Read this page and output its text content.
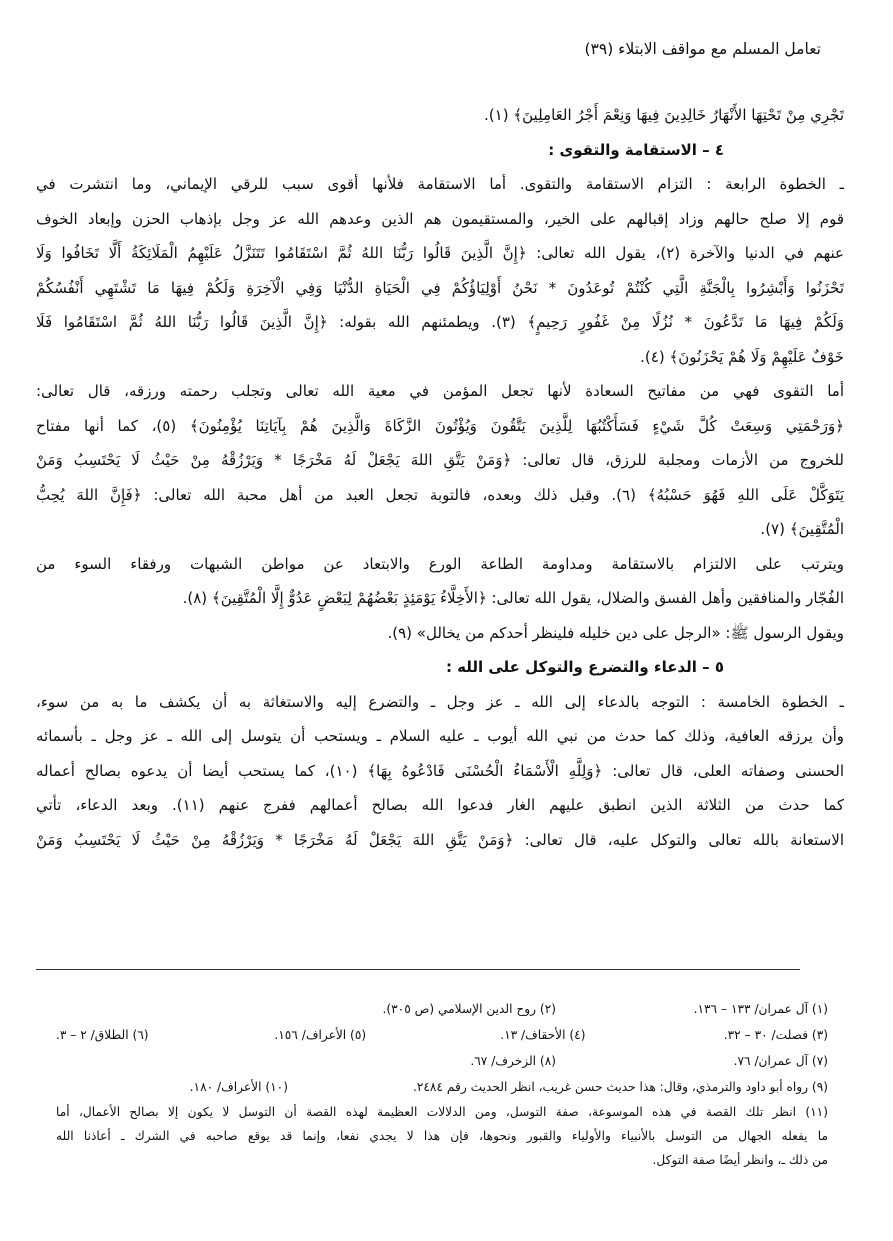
تعامل المسلم مع مواقف الابتلاء (٣٩)
تَجْرِي مِنْ تَحْتِهَا الأَنْهَارُ خَالِدِينَ فِيهَا وَنِعْمَ أَجْرُ العَامِلِينَ﴾ (١).
٤ – الاستقامة والتقوى :
ـ الخطوة الرابعة : التزام الاستقامة والتقوى. أما الاستقامة فلأنها أقوى سبب للرقي الإيماني، وما انتشرت في
قوم إلا صلح حالهم وزاد إقبالهم على الخير، والمستقيمون هم الذين وعدهم الله عز وجل بإذهاب الحزن وإبعاد الخوف
عنهم في الدنيا والآخرة (٢)، يقول الله تعالى: ﴿إِنَّ الَّذِينَ قَالُوا رَبُّنَا اللهُ ثُمَّ اسْتَقَامُوا تَتَنَزَّلُ عَلَيْهِمُ الْمَلَائِكَةُ أَلَّا تَخَافُوا وَلَا
تَحْزَنُوا وَأَبْشِرُوا بِالْجَنَّةِ الَّتِي كُنْتُمْ تُوعَدُونَ * نَحْنُ أَوْلِيَاؤُكُمْ فِي الْحَيَاةِ الدُّنْيَا وَفِي الْآخِرَةِ وَلَكُمْ فِيهَا مَا تَشْتَهِي أَنْفُسُكُمْ
وَلَكُمْ فِيهَا مَا تَدَّعُونَ * نُزُلًا مِنْ غَفُورٍ رَحِيمٍ﴾ (٣). ويطمئنهم الله بقوله: ﴿إِنَّ الَّذِينَ قَالُوا رَبُّنَا اللهُ ثُمَّ اسْتَقَامُوا فَلَا
خَوْفٌ عَلَيْهِمْ وَلَا هُمْ يَحْزَنُونَ﴾ (٤).
أما التقوى فهي من مفاتيح السعادة لأنها تجعل المؤمن في معية الله تعالى وتجلب رحمته ورزقه، قال تعالى:
﴿وَرَحْمَتِي وَسِعَتْ كُلَّ شَيْءٍ فَسَأَكْتُبُهَا لِلَّذِينَ يَتَّقُونَ وَيُؤْتُونَ الزَّكَاةَ وَالَّذِينَ هُمْ بِآيَاتِنَا يُؤْمِنُونَ﴾ (٥)، كما أنها مفتاح
للخروج من الأزمات ومجلبة للرزق، قال تعالى: ﴿وَمَنْ يَتَّقِ اللهَ يَجْعَلْ لَهُ مَخْرَجًا * وَيَرْزُقْهُ مِنْ حَيْثُ لَا يَحْتَسِبُ وَمَنْ
يَتَوَكَّلْ عَلَى اللهِ فَهُوَ حَسْبُهُ﴾ (٦). وقبل ذلك وبعده، فالتوبة تجعل العبد من أهل محبة الله تعالى: ﴿فَإِنَّ اللهَ يُحِبُّ
الْمُتَّقِينَ﴾ (٧).
ويترتب على الالتزام بالاستقامة ومداومة الطاعة الورع والابتعاد عن مواطن الشبهات ورفقاء السوء من
الفُجّار والمنافقين وأهل الفسق والضلال، يقول الله تعالى: ﴿الأَخِلَّاءُ يَوْمَئِذٍ بَعْضُهُمْ لِبَعْضٍ عَدُوٌّ إِلَّا الْمُتَّقِينَ﴾ (٨).
ويقول الرسول ﷺ: «الرجل على دين خليله فلينظر أحدكم من يخالل» (٩).
٥ – الدعاء والتضرع والتوكل على الله :
ـ الخطوة الخامسة : التوجه بالدعاء إلى الله ـ عز وجل ـ والتضرع إليه والاستغاثة به أن يكشف ما به من سوء،
وأن يرزقه العافية، وذلك كما حدث من نبي الله أيوب ـ عليه السلام ـ ويستحب أن يتوسل إلى الله ـ عز وجل ـ بأسمائه
الحسنى وصفاته العلى، قال تعالى: ﴿وَلِلَّهِ الْأَسْمَاءُ الْحُسْنَى فَادْعُوهُ بِهَا﴾ (١٠)، كما يستحب أيضا أن يدعوه بصالح أعماله
كما حدث من الثلاثة الذين انطبق عليهم الغار فدعوا الله بصالح أعمالهم ففرج عنهم (١١). وبعد الدعاء، تأتي
الاستعانة بالله تعالى والتوكل عليه، قال تعالى: ﴿وَمَنْ يَتَّقِ اللهَ يَجْعَلْ لَهُ مَخْرَجًا * وَيَرْزُقْهُ مِنْ حَيْثُ لَا يَحْتَسِبُ وَمَنْ
(١) آل عمران/ ١٣٣ – ١٣٦.
(٢) روح الدين الإسلامي (ص ٣٠٥).
(٣) فصلت/ ٣٠ – ٣٢.
(٤) الأحقاف/ ١٣.
(٥) الأعراف/ ١٥٦.
(٦) الطلاق/ ٢ – ٣.
(٧) آل عمران/ ٧٦.
(٨) الزخرف/ ٦٧.
(٩) رواه أبو داود والترمذي، وقال: هذا حديث حسن غريب، انظر الحديث رقم ٢٤٨٤.
(١٠) الأعراف/ ١٨٠.
(١١) انظر تلك القصة في هذه الموسوعة، صفة التوسل، ومن الدلالات العظيمة لهذه القصة أن التوسل لا يكون إلا بصالح الأعمال، أما
ما يفعله الجهال من التوسل بالأنبياء والأولياء والقبور ونحوها، فإن هذا لا يجدي نفعا، وإنما قد يوقع صاحبه في الشرك ـ أعاذنا الله
من ذلك ـ، وانظر أيضًا صفة التوكل.
